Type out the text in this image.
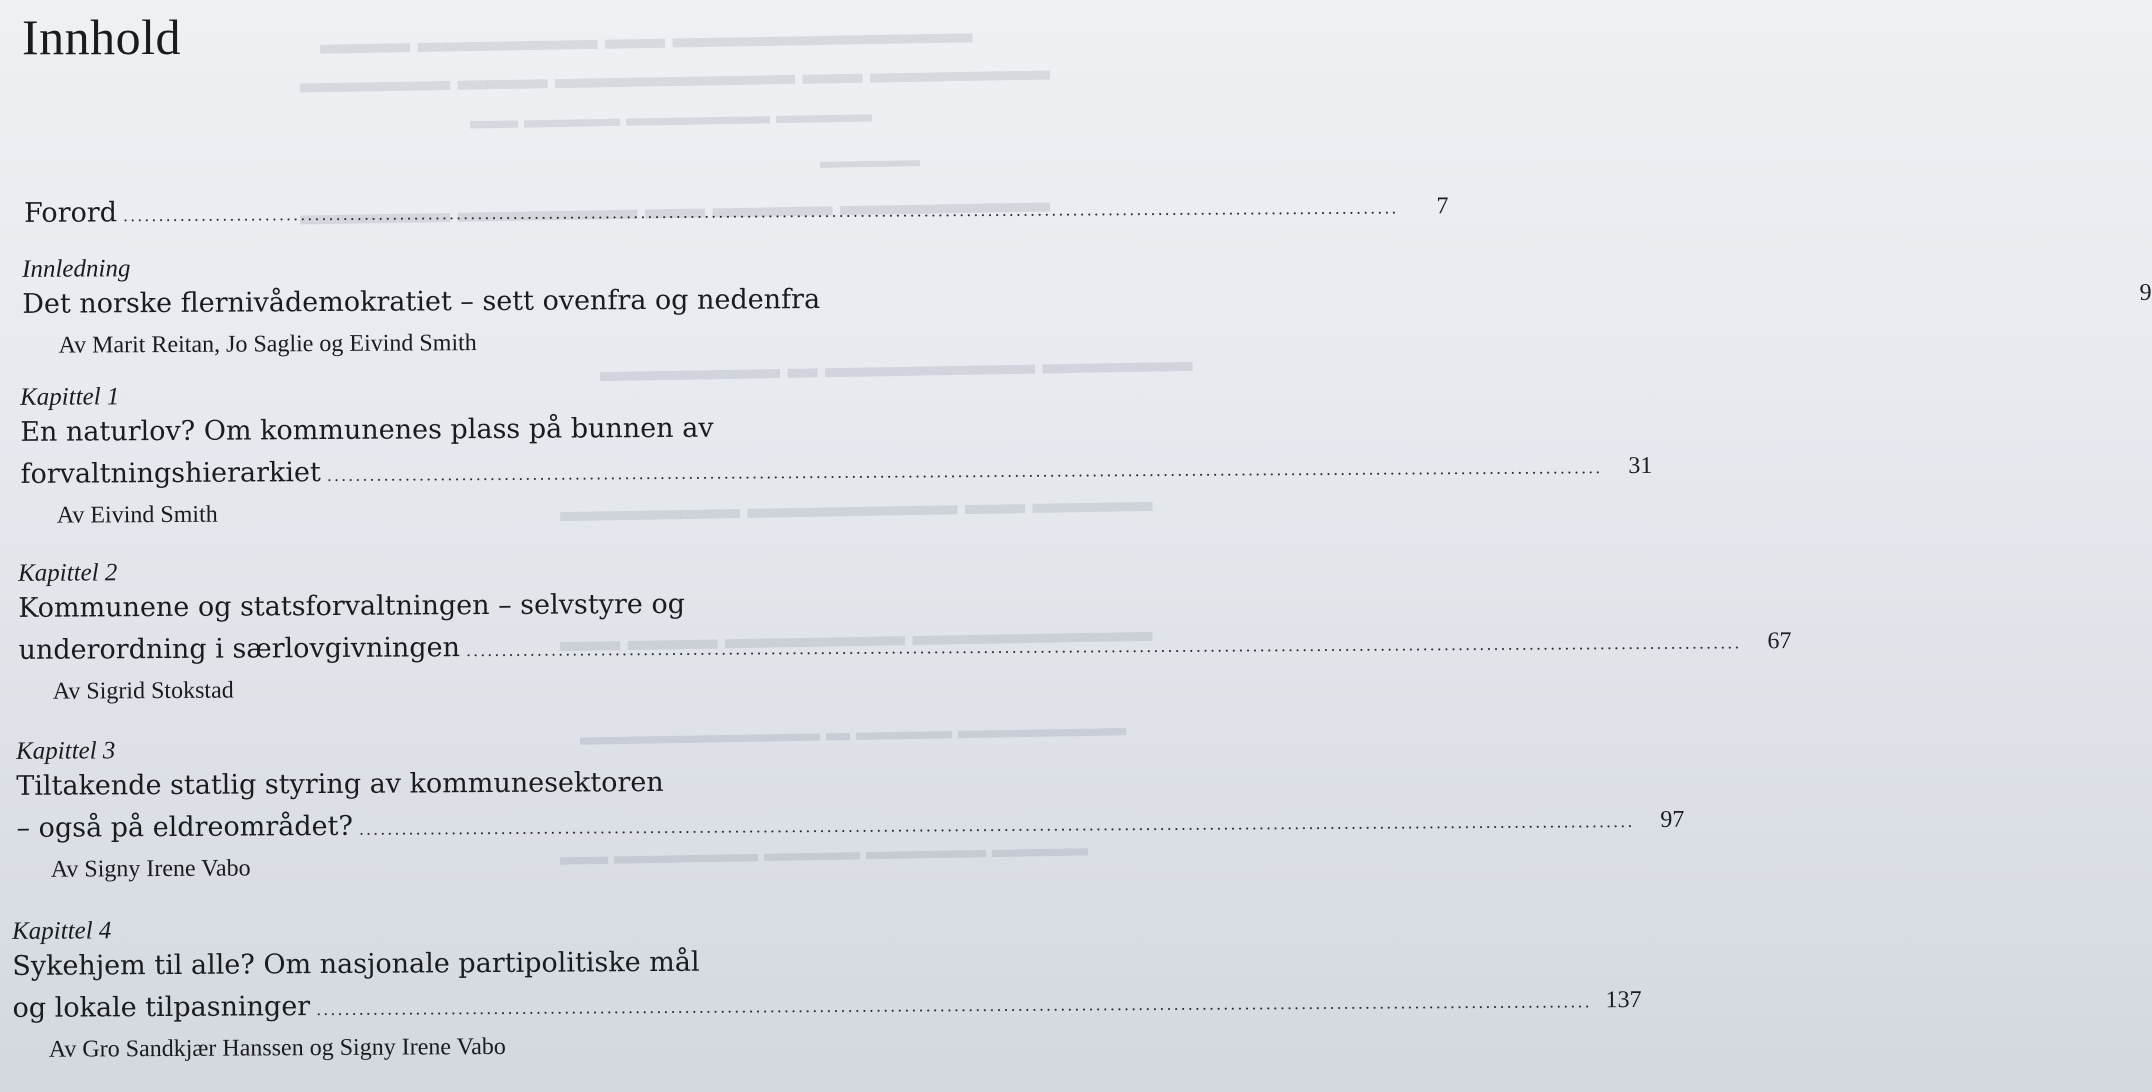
▬▬▬ ▬▬▬▬▬▬ ▬▬ ▬▬▬▬▬▬▬▬▬▬
▬▬▬▬▬ ▬▬▬ ▬▬▬▬▬▬▬▬ ▬▬ ▬▬▬▬▬▬
▬▬ ▬▬▬▬ ▬▬▬▬▬▬ ▬▬▬▬
▬▬▬▬▬
▬▬▬▬▬ ▬▬▬▬▬▬ ▬▬ ▬▬▬▬ ▬▬▬▬▬▬▬
▬▬▬▬▬▬ ▬ ▬▬▬▬▬▬▬ ▬▬▬▬▬
▬▬▬▬▬▬ ▬▬▬▬▬▬▬ ▬▬ ▬▬▬▬
▬▬ ▬▬▬ ▬▬▬▬▬▬ ▬▬▬▬▬▬▬▬
▬▬▬▬▬▬▬▬▬▬ ▬ ▬▬▬▬ ▬▬▬▬▬▬▬
▬▬ ▬▬▬▬▬▬ ▬▬▬▬ ▬▬▬▬▬ ▬▬▬▬
Innhold
Forord .....	7
Innledning
Det norske flernivådemokratiet – sett ovenfra og nedenfra	9
Av Marit Reitan, Jo Saglie og Eivind Smith
Kapittel 1
En naturlov? Om kommunenes plass på bunnen av
forvaltningshierarkiet .....	31
Av Eivind Smith
Kapittel 2
Kommunene og statsforvaltningen – selvstyre og
underordning i særlovgivningen .....	67
Av Sigrid Stokstad
Kapittel 3
Tiltakende statlig styring av kommunesektoren
– også på eldreområdet? .....	97
Av Signy Irene Vabo
Kapittel 4
Sykehjem til alle? Om nasjonale partipolitiske mål
og lokale tilpasninger .....	137
Av Gro Sandkjær Hanssen og Signy Irene Vabo
